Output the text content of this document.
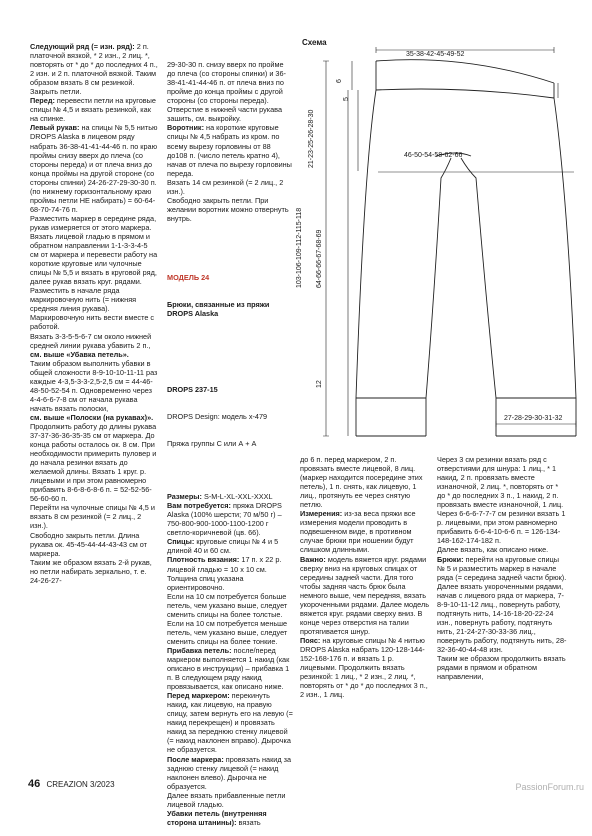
Следующий ряд (= изн. ряд): 2 п. платочной вязкой, * 2 изн., 2 лиц. *, повторять от * до * до последних 4 п., 2 изн. и 2 п. платочной вязкой. Таким образом вязать 8 см резинкой.

Закрыть петли.

Перед: перевести петли на круговые спицы № 4,5 и вязать резинкой, как на спинке.

Левый рукав: на спицы № 5,5 нитью DROPS Alaska в лицевом ряду набрать 36-38-41-41-44-46 п. по краю проймы снизу вверх до плеча (со стороны переда) и от плеча вниз до конца проймы на другой стороне (со стороны спинки) 24-26-27-29-30-30 п. (по нижнему горизонтальному краю проймы петли НЕ набирать) = 60-64-68-70-74-76 п.

Разместить маркер в середине ряда, рукав измеряется от этого маркера.

Вязать лицевой гладью в прямом и обратном направлении 1-1-3-3-4-5 см от маркера и перевести работу на короткие круговые или чулочные спицы № 5,5 и вязать в круговой ряд, далее рукав вязать круг. рядами. Разместить в начале ряда маркировочную нить (= нижняя средняя линия рукава). Маркировочную нить вести вместе с работой.

Вязать 3-3-5-5-6-7 см около нижней средней линии рукава убавить 2 п.,

см. выше «Убавка петель».

Таким образом выполнить убавки в общей сложности 8-9-10-10-11-11 раз каждые 4-3,5-3-3-2,5-2,5 см = 44-46-48-50-52-54 п. Одновременно через 4-4-6-6-7-8 см от начала рукава начать вязать полоски,

см. выше «Полоски (на рукавах)».

Продолжить работу до длины рукава 37-37-36-36-35-35 см от маркера. До конца работы осталось ок. 8 см. При необходимости примерить пуловер и до начала резинки вязать до желаемой длины. Вязать 1 круг. р. лицевыми и при этом равномерно прибавить 8-6-8-6-8-6 п. = 52-52-56-56-60-60 п.

Перейти на чулочные спицы № 4,5 и вязать 8 см резинкой (= 2 лиц., 2 изн.).

Свободно закрыть петли. Длина рукава ок. 45-45-44-44-43-43 см от маркера.

Таким же образом вязать 2-й рукав, но петли набирать зеркально, т. е. 24-26-27-

29-30-30 п. снизу вверх по пройме до плеча (со стороны спинки) и 36-38-41-41-44-46 п. от плеча вниз по пройме до конца проймы с другой стороны (со стороны переда).

Отверстие в нижней части рукава зашить, см. выкройку.

Воротник: на короткие круговые спицы № 4,5 набрать из кром. по всему вырезу горловины от 88 до108 п. (число петель кратно 4), начав от плеча по вырезу горловины переда.

Вязать 14 см резинкой (= 2 лиц., 2 изн.).

Свободно закрыть петли. При желании воротник можно отвернуть внутрь.

МОДЕЛЬ 24

Брюки, связанные из пряжи DROPS Alaska

DROPS 237-15

DROPS Design: модель x-479

Пряжа группы С или А + А

Размеры: S-M-L-XL-XXL-XXXL

Вам потребуется: пряжа DROPS Alaska (100% шерсти; 70 м/50 г) – 750-800-900-1000-1100-1200 г светло-коричневой (цв. 66).

Спицы: круговые спицы № 4 и 5 длиной 40 и 60 см.

Плотность вязания: 17 п. x 22 р. лицевой гладью = 10 x 10 см.

Толщина спиц указана ориентировочно.

Если на 10 см потребуется больше петель, чем указано выше, следует сменить спицы на более толстые. Если на 10 см потребуется меньше петель, чем указано выше, следует сменить спицы на более тонкие.

Прибавка петель: после/перед маркером выполняется 1 накид (как описано в инструкции) – прибавка 1 п. В следующем ряду накид провязывается, как описано ниже.

Перед маркером: перекинуть накид, как лицевую, на правую спицу, затем вернуть его на левую (= накид перекрещен) и провязать накид за переднюю стенку лицевой (= накид наклонен вправо). Дырочка не образуется.

После маркера: провязать накид за заднюю стенку лицевой (= накид наклонен влево). Дырочка не образуется.

Далее вязать прибавленные петли лицевой гладью.

Убавки петель (внутренняя сторона штанины): вязать

до 6 п. перед маркером, 2 п. провязать вместе лицевой, 8 лиц. (маркер находится посередине этих петель), 1 п. снять, как лицевую, 1 лиц., протянуть ее через снятую петлю.

Измерения: из-за веса пряжи все измерения модели проводить в подвешенном виде, в противном случае брюки при ношении будут слишком длинными.

Важно: модель вяжется круг. рядами сверху вниз на круговых спицах от середины задней части. Для того чтобы задняя часть брюк была немного выше, чем передняя, вязать укороченными рядами. Далее модель вяжется круг. рядами сверху вниз. В конце через отверстия на талии протягивается шнур.

Пояс: на круговые спицы № 4 нитью DROPS Alaska набрать 120-128-144-152-168-176 п. и вязать 1 р. лицевыми. Продолжить вязать резинкой: 1 лиц., * 2 изн., 2 лиц. *, повторять от * до * до последних 3 п., 2 изн., 1 лиц.

Через 3 см резинки вязать ряд с отверстиями для шнура: 1 лиц., * 1 накид, 2 п. провязать вместе изнаночной, 2 лиц. *, повторять от * до * до последних 3 п., 1 накид, 2 п. провязать вместе изнаночной, 1 лиц.

Через 6-6-6-7-7-7 см резинки вязать 1 р. лицевыми, при этом равномерно прибавить 6-6-4-10-6-6 п. = 126-134-148-162-174-182 п.

Далее вязать, как описано ниже.

Брюки: перейти на круговые спицы № 5 и разместить маркер в начале ряда (= середина задней части брюк). Далее вязать укороченными рядами, начав с лицевого ряда от маркера, 7-8-9-10-11-12 лиц., повернуть работу, подтянуть нить, 14-16-18-20-22-24 изн., повернуть работу, подтянуть нить, 21-24-27-30-33-36 лиц., повернуть работу, подтянуть нить, 28-32-36-40-44-48 изн.

Таким же образом продолжить вязать рядами в прямом и обратном направлении,

Схема
35-38-42-45-49-52
46-50-54-58-62-66
27-28-29-30-31-32
103-106-109-112-115-118 64-66-66-67-68-69
21-23-25-26-28-30
6
5
12
46 CREAZION 3/2023	PassionForum.ru
